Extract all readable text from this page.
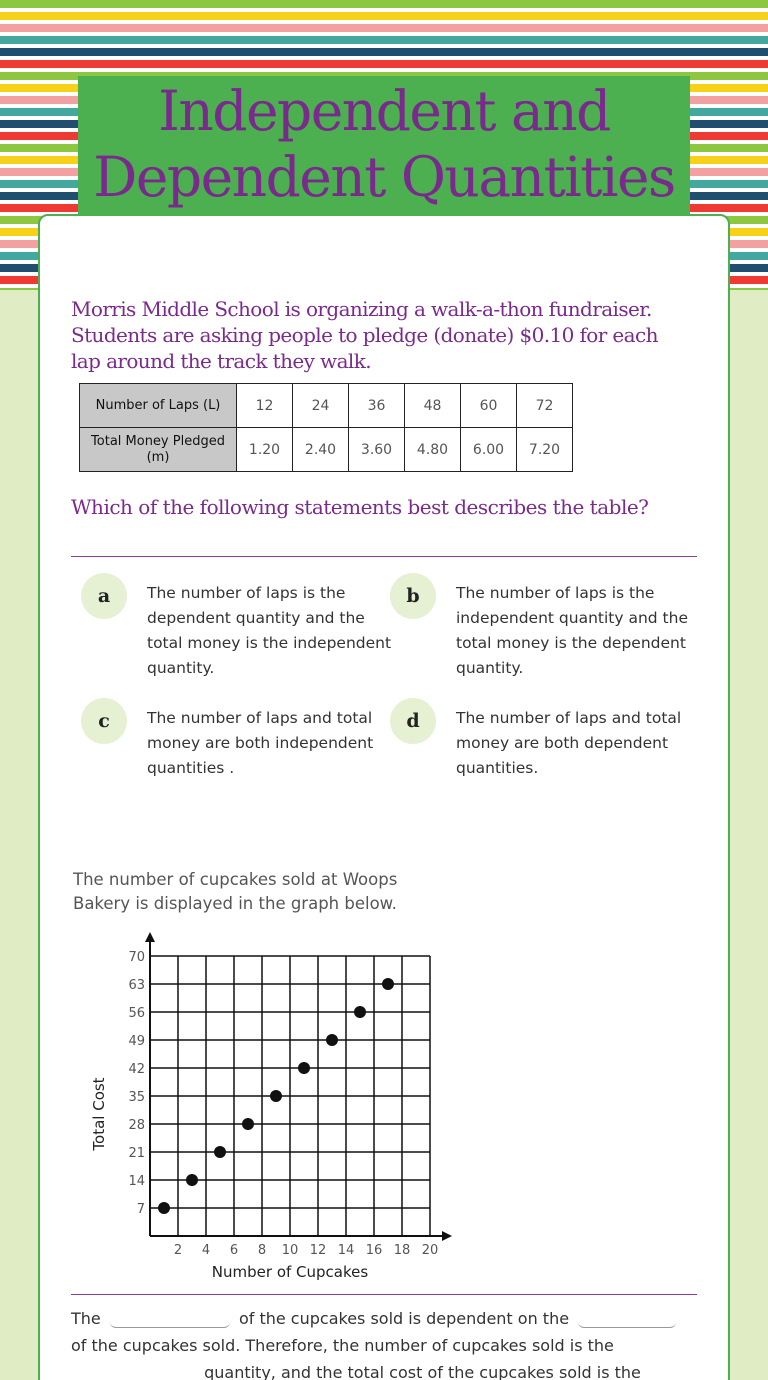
Independent and Dependent Quantities

Morris Middle School is organizing a walk-a-thon fundraiser. Students are asking people to pledge (donate) $0.10 for each lap around the track they walk.

Number of Laps (L)	12	24	36	48	60	72
Total Money Pledged (m)	1.20	2.40	3.60	4.80	6.00	7.20

Which of the following statements best describes the table?

a	The number of laps is the dependent quantity and the total money is the independent quantity.

b	The number of laps is the independent quantity and the total money is the dependent quantity.

c	The number of laps and total money are both independent quantities .

d	The number of laps and total money are both dependent quantities.

The number of cupcakes sold at Woops Bakery is displayed in the graph below.

2 4 6 8 10 12 14 16 18 20
7
14
21
28
35
42
49
56
63
70
Number of Cupcakes
Total Cost

The	of the cupcakes sold is dependent on the
of the cupcakes sold. Therefore, the number of cupcakes sold is the
quantity, and the total cost of the cupcakes sold is the
